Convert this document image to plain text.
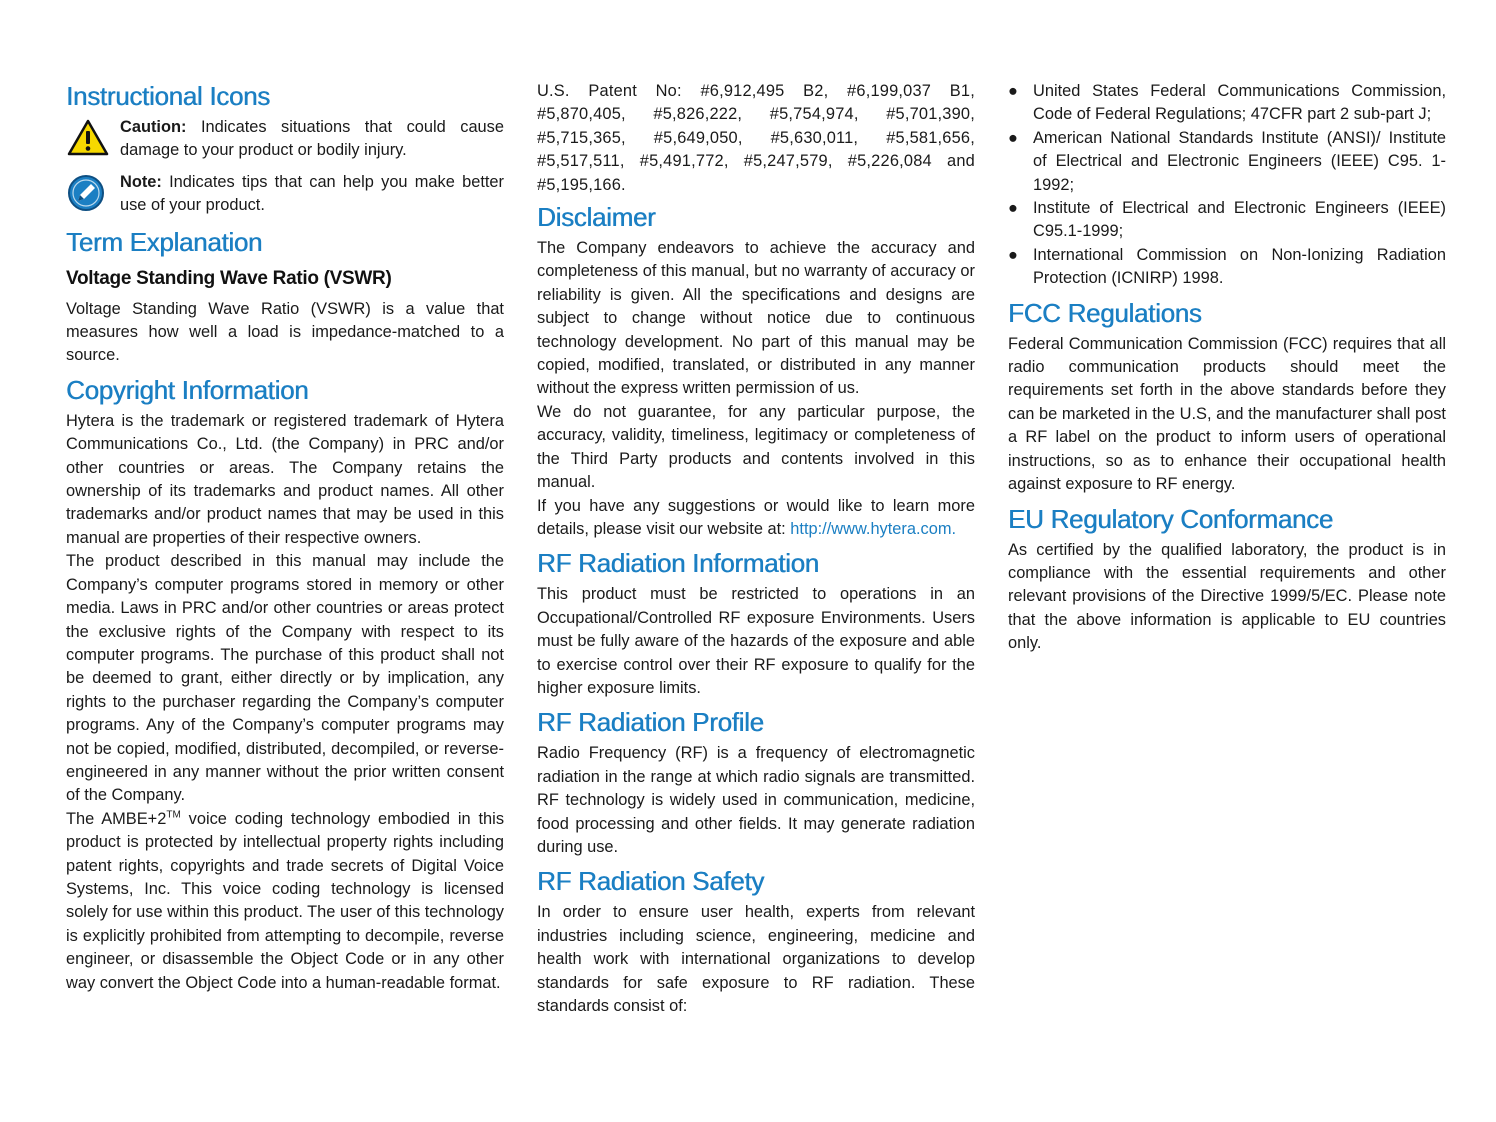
Instructional Icons

Caution: Indicates situations that could cause damage to your product or bodily injury.

Note: Indicates tips that can help you make better use of your product.

Term Explanation
Voltage Standing Wave Ratio (VSWR)

Voltage Standing Wave Ratio (VSWR) is a value that measures how well a load is impedance-matched to a source.

Copyright Information

Hytera is the trademark or registered trademark of Hytera Communications Co., Ltd. (the Company) in PRC and/or other countries or areas. The Company retains the ownership of its trademarks and product names. All other trademarks and/or product names that may be used in this manual are properties of their respective owners.

The product described in this manual may include the Company’s computer programs stored in memory or other media. Laws in PRC and/or other countries or areas protect the exclusive rights of the Company with respect to its computer programs. The purchase of this product shall not be deemed to grant, either directly or by implication, any rights to the purchaser regarding the Company’s computer programs. Any of the Company’s computer programs may not be copied, modified, distributed, decompiled, or reverse-engineered in any manner without the prior written consent of the Company.

The AMBE+2™ voice coding technology embodied in this product is protected by intellectual property rights including patent rights, copyrights and trade secrets of Digital Voice Systems, Inc. This voice coding technology is licensed solely for use within this product. The user of this technology is explicitly prohibited from attempting to decompile, reverse engineer, or disassemble the Object Code or in any other way convert the Object Code into a human-readable format.

U.S. Patent No: #6,912,495 B2, #6,199,037 B1, #5,870,405, #5,826,222, #5,754,974, #5,701,390, #5,715,365, #5,649,050, #5,630,011, #5,581,656, #5,517,511, #5,491,772, #5,247,579, #5,226,084 and #5,195,166.

Disclaimer

The Company endeavors to achieve the accuracy and completeness of this manual, but no warranty of accuracy or reliability is given. All the specifications and designs are subject to change without notice due to continuous technology development. No part of this manual may be copied, modified, translated, or distributed in any manner without the express written permission of us.

We do not guarantee, for any particular purpose, the accuracy, validity, timeliness, legitimacy or completeness of the Third Party products and contents involved in this manual.

If you have any suggestions or would like to learn more details, please visit our website at: http://www.hytera.com.

RF Radiation Information

This product must be restricted to operations in an Occupational/Controlled RF exposure Environments. Users must be fully aware of the hazards of the exposure and able to exercise control over their RF exposure to qualify for the higher exposure limits.

RF Radiation Profile

Radio Frequency (RF) is a frequency of electromagnetic radiation in the range at which radio signals are transmitted. RF technology is widely used in communication, medicine, food processing and other fields. It may generate radiation during use.

RF Radiation Safety

In order to ensure user health, experts from relevant industries including science, engineering, medicine and health work with international organizations to develop standards for safe exposure to RF radiation. These standards consist of:

● United States Federal Communications Commission, Code of Federal Regulations; 47CFR part 2 sub-part J;
● American National Standards Institute (ANSI)/ Institute of Electrical and Electronic Engineers (IEEE) C95. 1-1992;
● Institute of Electrical and Electronic Engineers (IEEE) C95.1-1999;
● International Commission on Non-Ionizing Radiation Protection (ICNIRP) 1998.
FCC Regulations

Federal Communication Commission (FCC) requires that all radio communication products should meet the requirements set forth in the above standards before they can be marketed in the U.S, and the manufacturer shall post a RF label on the product to inform users of operational instructions, so as to enhance their occupational health against exposure to RF energy.

EU Regulatory Conformance

As certified by the qualified laboratory, the product is in compliance with the essential requirements and other relevant provisions of the Directive 1999/5/EC. Please note that the above information is applicable to EU countries only.
